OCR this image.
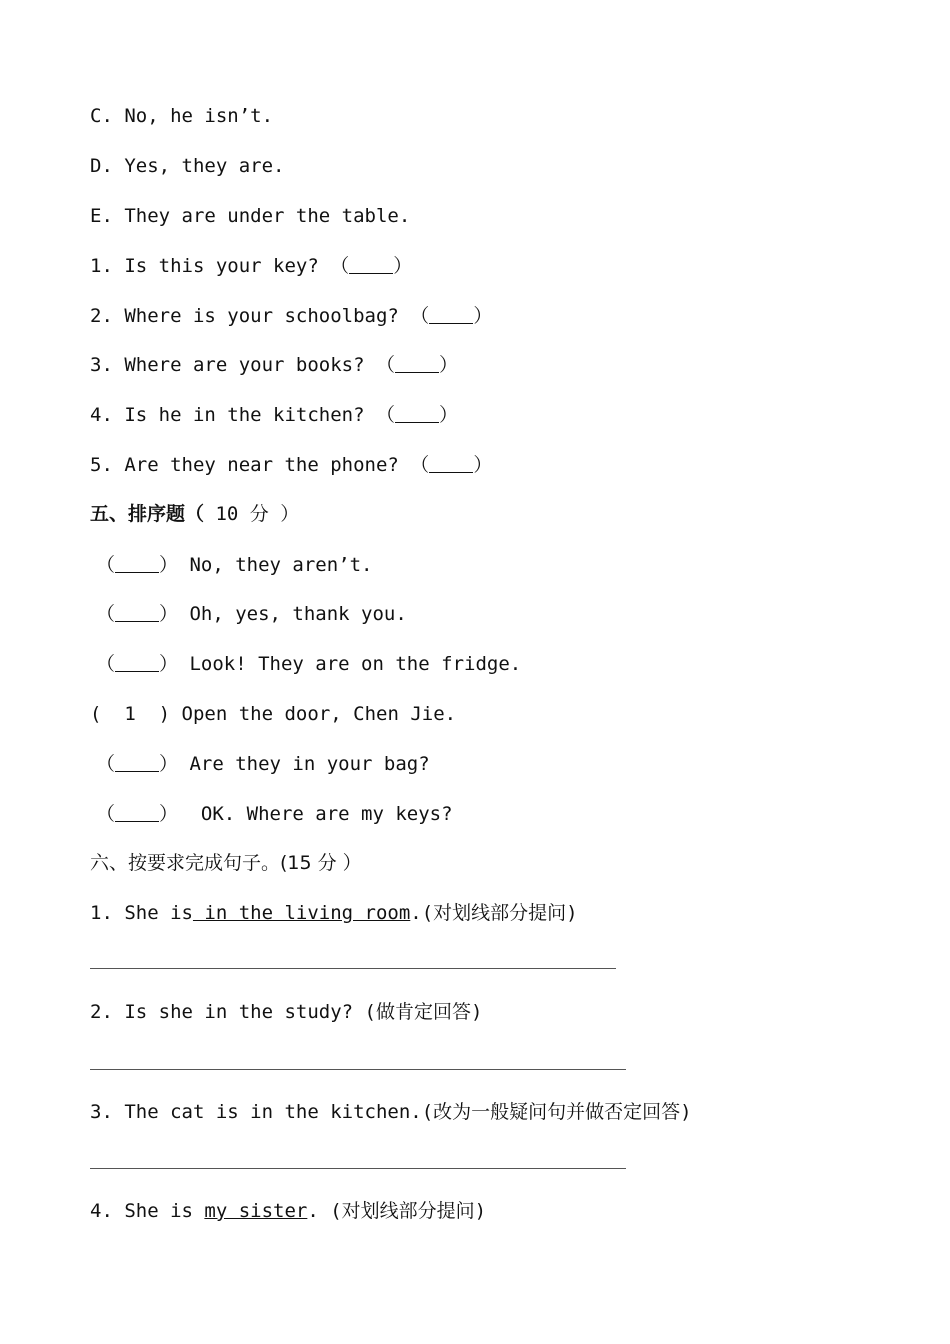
C. No, he isn’t.
D. Yes, they are.
E. They are under the table.
1. Is this your key? （ ）
2. Where is your schoolbag? （ ）
3. Where are your books? （ ）
4. Is he in the kitchen? （ ）
5. Are they near the phone? （ ）
五、排序题（ 10 分 ）
（ ） No, they aren’t.
（ ） Oh, yes, thank you.
（ ） Look! They are on the fridge.
(  1  ) Open the door, Chen Jie.
（ ） Are they in your bag?
（ ）  OK. Where are my keys?
六、按要求完成句子。(15 分 ）
1. She is in the living room.(对划线部分提问)
2. Is she in the study? (做肯定回答)
3. The cat is in the kitchen.(改为一般疑问句并做否定回答)
4. She is my sister. (对划线部分提问)
